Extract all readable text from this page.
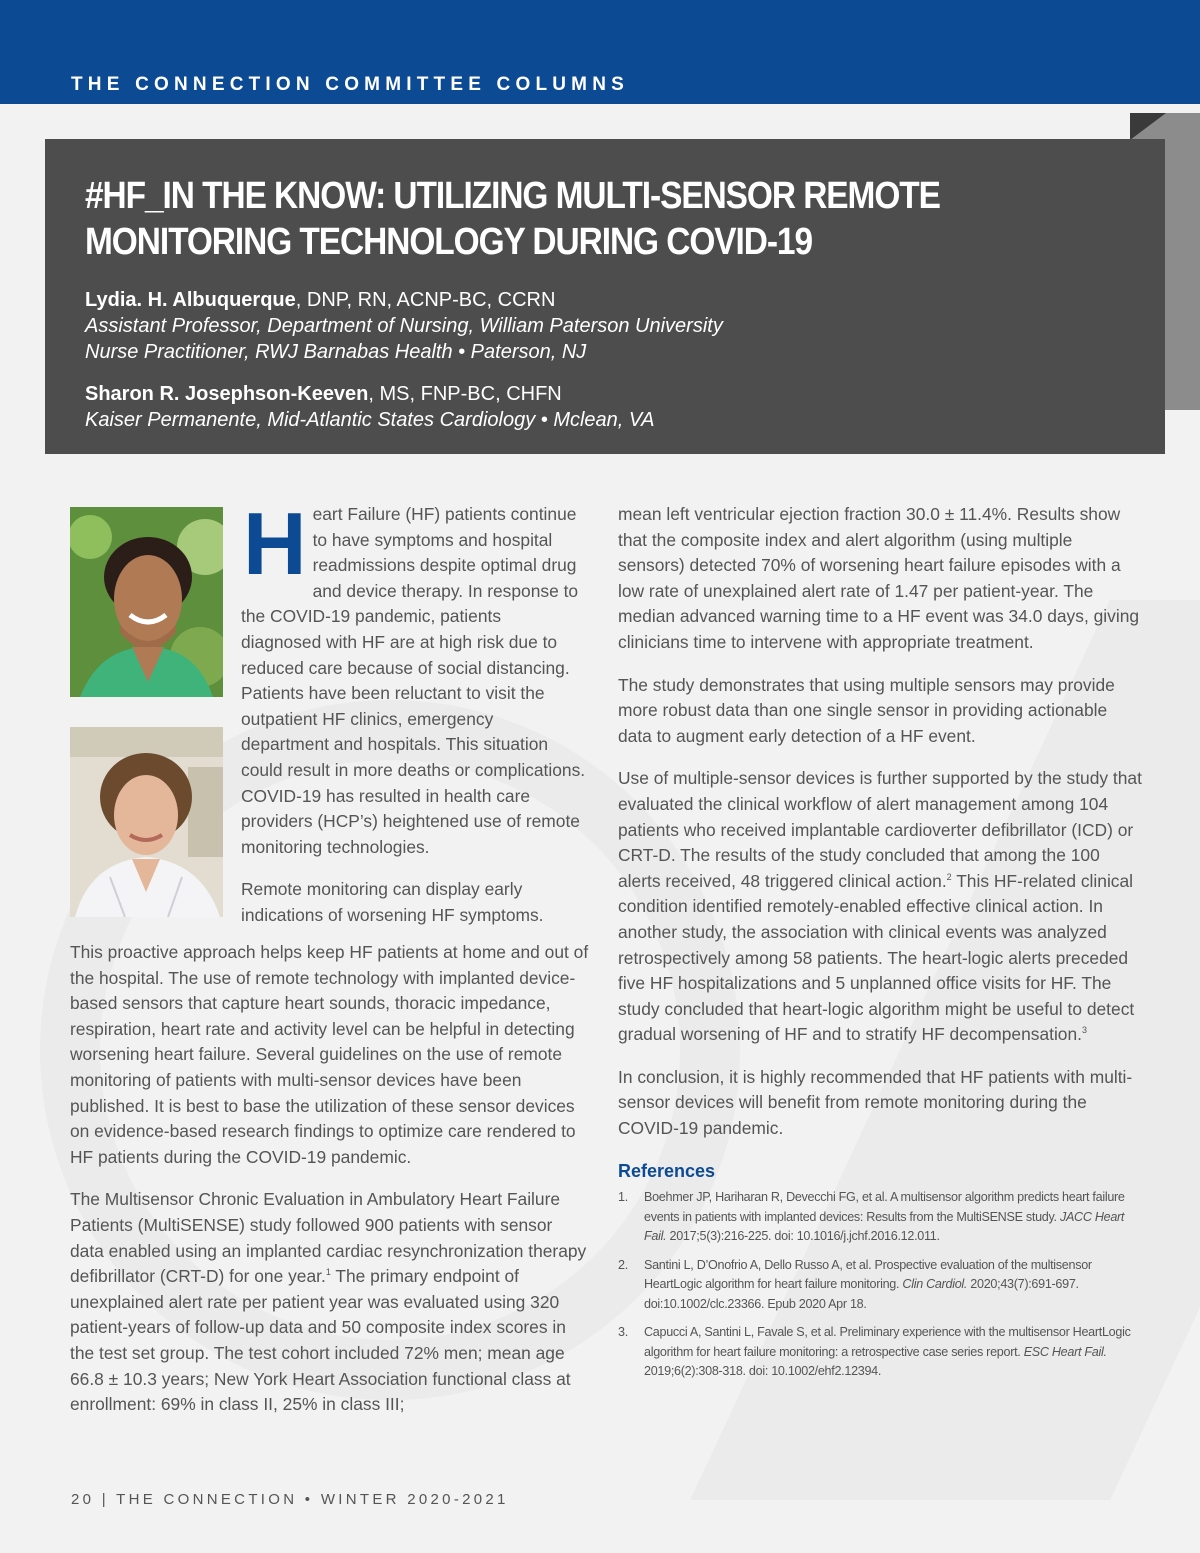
THE CONNECTION COMMITTEE COLUMNS
#HF_IN THE KNOW: UTILIZING MULTI-SENSOR REMOTE
MONITORING TECHNOLOGY DURING COVID-19
Lydia. H. Albuquerque, DNP, RN, ACNP-BC, CCRN
Assistant Professor, Department of Nursing, William Paterson University
Nurse Practitioner, RWJ Barnabas Health • Paterson, NJ
Sharon R. Josephson-Keeven, MS, FNP-BC, CHFN
Kaiser Permanente, Mid-Atlantic States Cardiology • Mclean, VA

Heart Failure (HF) patients continue to have symptoms and hospital readmissions despite optimal drug and device therapy. In response to the COVID-19 pandemic, patients diagnosed with HF are at high risk due to reduced care because of social distancing. Patients have been reluctant to visit the outpatient HF clinics, emergency department and hospitals. This situation could result in more deaths or complications. COVID-19 has resulted in health care providers (HCP’s) heightened use of remote monitoring technologies.

Remote monitoring can display early indications of worsening HF symptoms.

This proactive approach helps keep HF patients at home and out of the hospital. The use of remote technology with implanted device-based sensors that capture heart sounds, thoracic impedance, respiration, heart rate and activity level can be helpful in detecting worsening heart failure. Several guidelines on the use of remote monitoring of patients with multi-sensor devices have been published. It is best to base the utilization of these sensor devices on evidence-based research findings to optimize care rendered to HF patients during the COVID-19 pandemic.

The Multisensor Chronic Evaluation in Ambulatory Heart Failure Patients (MultiSENSE) study followed 900 patients with sensor data enabled using an implanted cardiac resynchronization therapy defibrillator (CRT-D) for one year.$^1$ The primary endpoint of unexplained alert rate per patient year was evaluated using 320 patient-years of follow-up data and 50 composite index scores in the test set group. The test cohort included 72% men; mean age 66.8 ± 10.3 years; New York Heart Association functional class at enrollment: 69% in class II, 25% in class III;

mean left ventricular ejection fraction 30.0 ± 11.4%. Results show that the composite index and alert algorithm (using multiple sensors) detected 70% of worsening heart failure episodes with a low rate of unexplained alert rate of 1.47 per patient-year. The median advanced warning time to a HF event was 34.0 days, giving clinicians time to intervene with appropriate treatment.

The study demonstrates that using multiple sensors may provide more robust data than one single sensor in providing actionable data to augment early detection of a HF event.

Use of multiple-sensor devices is further supported by the study that evaluated the clinical workflow of alert management among 104 patients who received implantable cardioverter defibrillator (ICD) or CRT-D. The results of the study concluded that among the 100 alerts received, 48 triggered clinical action.$^2$ This HF-related clinical condition identified remotely-enabled effective clinical action. In another study, the association with clinical events was analyzed retrospectively among 58 patients. The heart-logic alerts preceded five HF hospitalizations and 5 unplanned office visits for HF. The study concluded that heart-logic algorithm might be useful to detect gradual worsening of HF and to stratify HF decompensation.$^3$

In conclusion, it is highly recommended that HF patients with multi-sensor devices will benefit from remote monitoring during the COVID-19 pandemic.

References
1.	Boehmer JP, Hariharan R, Devecchi FG, et al. A multisensor algorithm predicts heart failure events in patients with implanted devices: Results from the MultiSENSE study. JACC Heart Fail. 2017;5(3):216-225. doi: 10.1016/j.jchf.2016.12.011.
2.	Santini L, D’Onofrio A, Dello Russo A, et al. Prospective evaluation of the multisensor HeartLogic algorithm for heart failure monitoring. Clin Cardiol. 2020;43(7):691-697. doi:10.1002/clc.23366. Epub 2020 Apr 18.
3.	Capucci A, Santini L, Favale S, et al. Preliminary experience with the multisensor HeartLogic algorithm for heart failure monitoring: a retrospective case series report. ESC Heart Fail. 2019;6(2):308-318. doi: 10.1002/ehf2.12394.
20 | THE CONNECTION • WINTER 2020-2021
